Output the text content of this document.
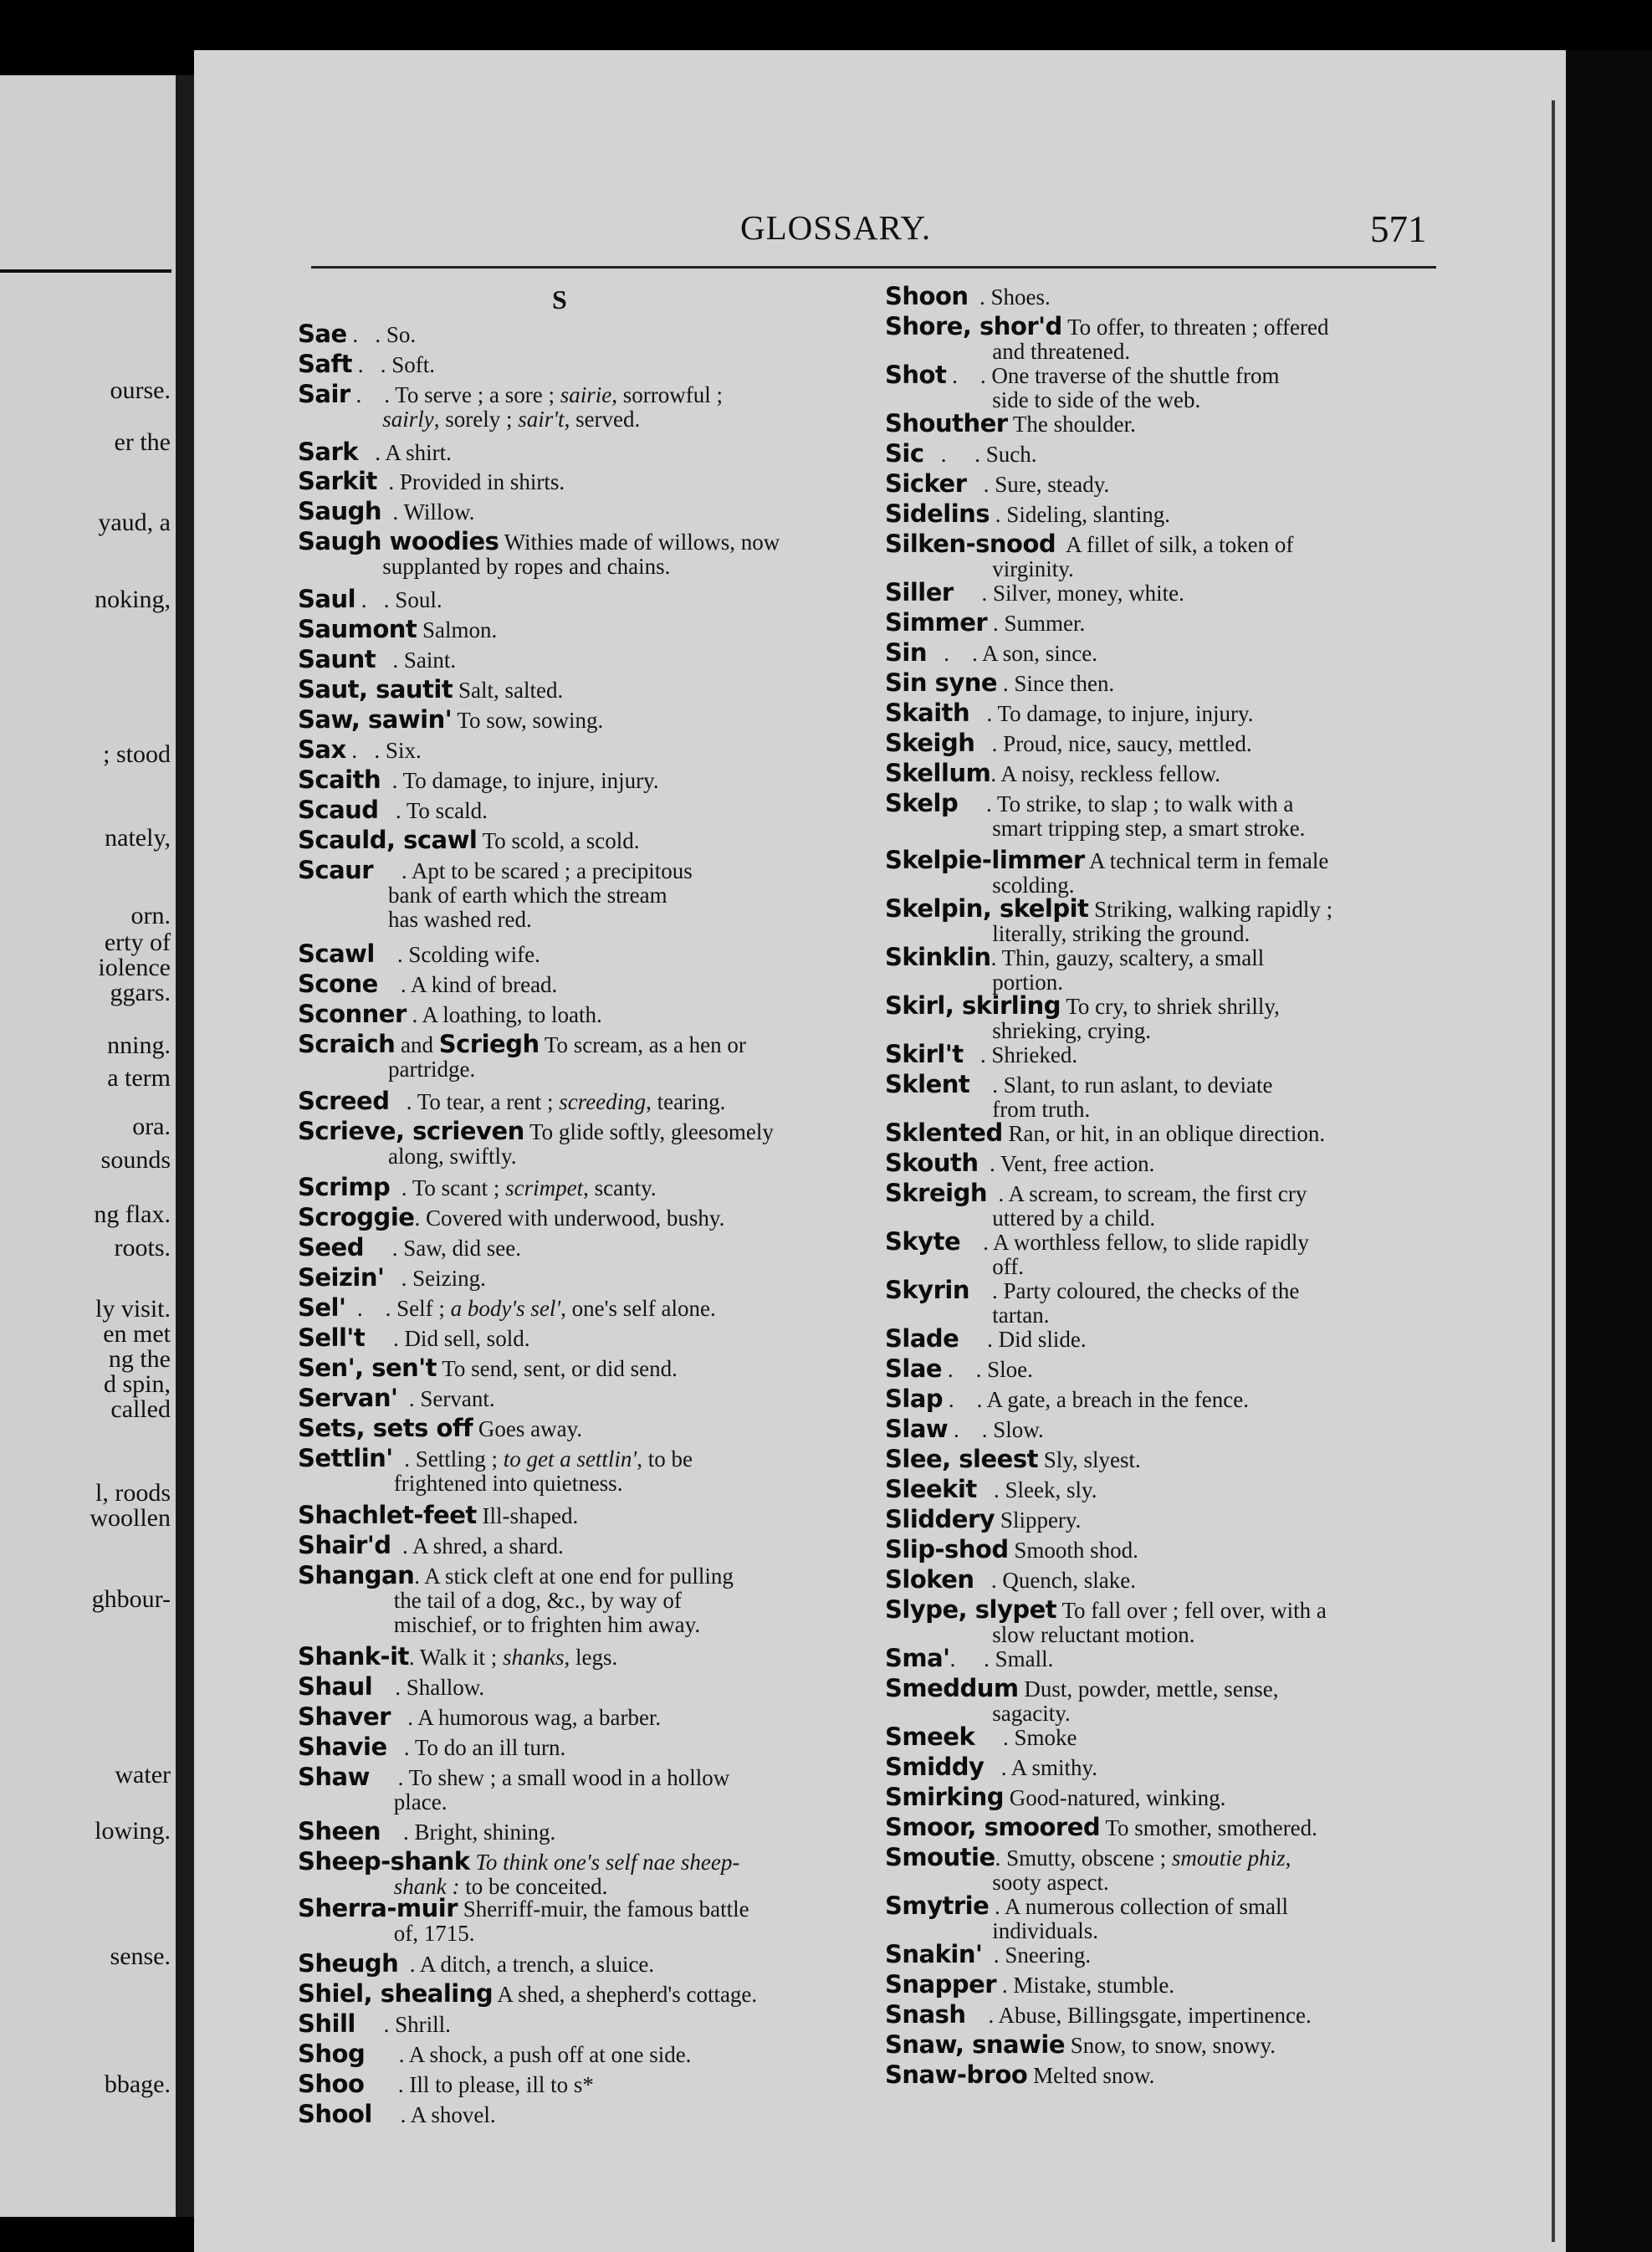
ourse.
er the
yaud, a
noking,
; stood
nately,
orn.
erty of
iolence
ggars.
nning.
a term
ora.
sounds
ng flax.
roots.
ly visit.
en met
ng the
d spin,
called
l, roods
woollen
ghbour-
water
lowing.
sense.
bbage.
GLOSSARY.	571
S
Sae .   . So.
Saft .   . Soft.
Sair .    . To serve ; a sore ; sairie, sorrowful ;
sairly, sorely ; sair't, served.
Sark   . A shirt.
Sarkit  . Provided in shirts.
Saugh  . Willow.
Saugh woodies Withies made of willows, now
supplanted by ropes and chains.
Saul .   . Soul.
Saumont Salmon.
Saunt   . Saint.
Saut, sautit Salt, salted.
Saw, sawin' To sow, sowing.
Sax .   . Six.
Scaith  . To damage, to injure, injury.
Scaud   . To scald.
Scauld, scawl To scold, a scold.
Scaur     . Apt to be scared ; a precipitous
bank of earth which the stream
has washed red.
Scawl    . Scolding wife.
Scone    . A kind of bread.
Sconner . A loathing, to loath.
Scraich and Scriegh To scream, as a hen or
partridge.
Screed   . To tear, a rent ; screeding, tearing.
Scrieve, scrieven To glide softly, gleesomely
along, swiftly.
Scrimp  . To scant ; scrimpet, scanty.
Scroggie. Covered with underwood, bushy.
Seed     . Saw, did see.
Seizin'   . Seizing.
Sel'  .    . Self ; a body's sel', one's self alone.
Sell't     . Did sell, sold.
Sen', sen't To send, sent, or did send.
Servan'  . Servant.
Sets, sets off Goes away.
Settlin'  . Settling ; to get a settlin', to be
frightened into quietness.
Shachlet-feet Ill-shaped.
Shair'd  . A shred, a shard.
Shangan. A stick cleft at one end for pulling
the tail of a dog, &c., by way of
mischief, or to frighten him away.
Shank-it. Walk it ; shanks, legs.
Shaul    . Shallow.
Shaver   . A humorous wag, a barber.
Shavie   . To do an ill turn.
Shaw     . To shew ; a small wood in a hollow
place.
Sheen    . Bright, shining.
Sheep-shank To think one's self nae sheep-
shank : to be conceited.
Sherra-muir Sherriff-muir, the famous battle
of, 1715.
Sheugh  . A ditch, a trench, a sluice.
Shiel, shealing A shed, a shepherd's cottage.
Shill     . Shrill.
Shog      . A shock, a push off at one side.
Shoo      . Ill to please, ill to s*
Shool     . A shovel.
Shoon  . Shoes.
Shore, shor'd To offer, to threaten ; offered
and threatened.
Shot .    . One traverse of the shuttle from
side to side of the web.
Shouther The shoulder.
Sic   .     . Such.
Sicker   . Sure, steady.
Sidelins . Sideling, slanting.
Silken-snood A fillet of silk, a token of
virginity.
Siller     . Silver, money, white.
Simmer . Summer.
Sin   .    . A son, since.
Sin syne . Since then.
Skaith   . To damage, to injure, injury.
Skeigh   . Proud, nice, saucy, mettled.
Skellum. A noisy, reckless fellow.
Skelp     . To strike, to slap ; to walk with a
smart tripping step, a smart stroke.
Skelpie-limmer A technical term in female
scolding.
Skelpin, skelpit Striking, walking rapidly ;
literally, striking the ground.
Skinklin. Thin, gauzy, scaltery, a small
portion.
Skirl, skirling To cry, to shriek shrilly,
shrieking, crying.
Skirl't   . Shrieked.
Sklent    . Slant, to run aslant, to deviate
from truth.
Sklented Ran, or hit, in an oblique direction.
Skouth  . Vent, free action.
Skreigh  . A scream, to scream, the first cry
uttered by a child.
Skyte    . A worthless fellow, to slide rapidly
off.
Skyrin    . Party coloured, the checks of the
tartan.
Slade     . Did slide.
Slae .    . Sloe.
Slap .    . A gate, a breach in the fence.
Slaw .    . Slow.
Slee, sleest Sly, slyest.
Sleekit   . Sleek, sly.
Sliddery Slippery.
Slip-shod Smooth shod.
Sloken   . Quench, slake.
Slype, slypet To fall over ; fell over, with a
slow reluctant motion.
Sma'.     . Small.
Smeddum Dust, powder, mettle, sense,
sagacity.
Smeek     . Smoke
Smiddy   . A smithy.
Smirking Good-natured, winking.
Smoor, smoored To smother, smothered.
Smoutie. Smutty, obscene ; smoutie phiz,
sooty aspect.
Smytrie . A numerous collection of small
individuals.
Snakin'  . Sneering.
Snapper . Mistake, stumble.
Snash    . Abuse, Billingsgate, impertinence.
Snaw, snawie Snow, to snow, snowy.
Snaw-broo Melted snow.
